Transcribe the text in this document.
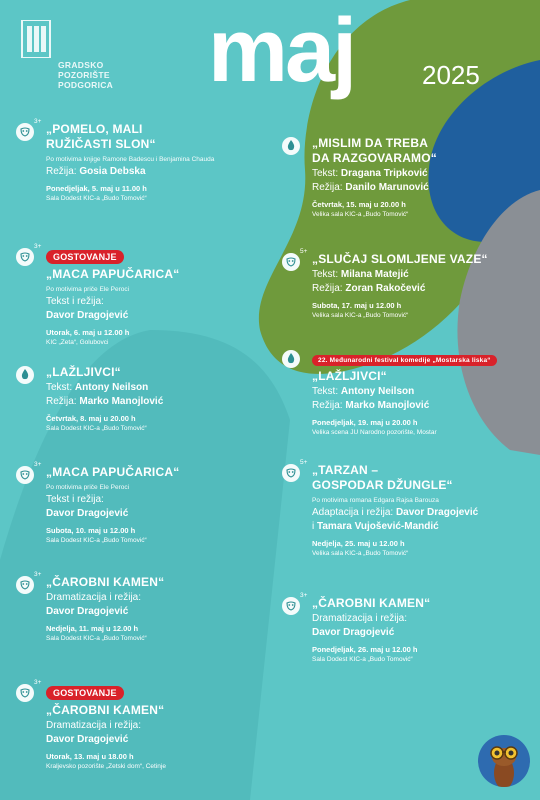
GRADSKO
POZORIŠTE
PODGORICA	maj	2025
3+
„POMELO, MALI
RUŽIČASTI SLON“
Po motivima knjige Ramone Badescu i Benjamina Chauda
Režija: Gosia Debska
Ponedjeljak, 5. maj u 11.00 h
Sala Dodest KIC-a „Budo Tomović“
3+
GOSTOVANJE
„MACA PAPUČARICA“
Po motivima priče Ele Peroci
Tekst i režija:
Davor Dragojević
Utorak, 6. maj u 12.00 h
KIC „Zeta“, Golubovci
„LAŽLJIVCI“
Tekst: Antony Neilson
Režija: Marko Manojlović
Četvrtak, 8. maj u 20.00 h
Sala Dodest KIC-a „Budo Tomović“
3+
„MACA PAPUČARICA“
Po motivima priče Ele Peroci
Tekst i režija:
Davor Dragojević
Subota, 10. maj u 12.00 h
Sala Dodest KIC-a „Budo Tomović“
3+
„ČAROBNI KAMEN“
Dramatizacija i režija:
Davor Dragojević
Nedjelja, 11. maj u 12.00 h
Sala Dodest KIC-a „Budo Tomović“
3+
GOSTOVANJE
„ČAROBNI KAMEN“
Dramatizacija i režija:
Davor Dragojević
Utorak, 13. maj u 18.00 h
Kraljevsko pozorište „Zetski dom“, Cetinje
„MISLIM DA TREBA
DA RAZGOVARAMO“
Tekst: Dragana Tripković
Režija: Danilo Marunović
Četvrtak, 15. maj u 20.00 h
Velika sala KIC-a „Budo Tomović“
5+
„SLUČAJ SLOMLJENE VAZE“
Tekst: Milana Matejić
Režija: Zoran Rakočević
Subota, 17. maj u 12.00 h
Velika sala KIC-a „Budo Tomović“
22. Međunarodni festival komedije „Mostarska liska“
„LAŽLJIVCI“
Tekst: Antony Neilson
Režija: Marko Manojlović
Ponedjeljak, 19. maj u 20.00 h
Velika scena JU Narodno pozorište, Mostar
5+
„TARZAN –
GOSPODAR DŽUNGLE“
Po motivima romana Edgara Rajsa Barouza
Adaptacija i režija: Davor Dragojević
i Tamara Vujošević-Mandić
Nedjelja, 25. maj u 12.00 h
Velika sala KIC-a „Budo Tomović“
3+
„ČAROBNI KAMEN“
Dramatizacija i režija:
Davor Dragojević
Ponedjeljak, 26. maj u 12.00 h
Sala Dodest KIC-a „Budo Tomović“
